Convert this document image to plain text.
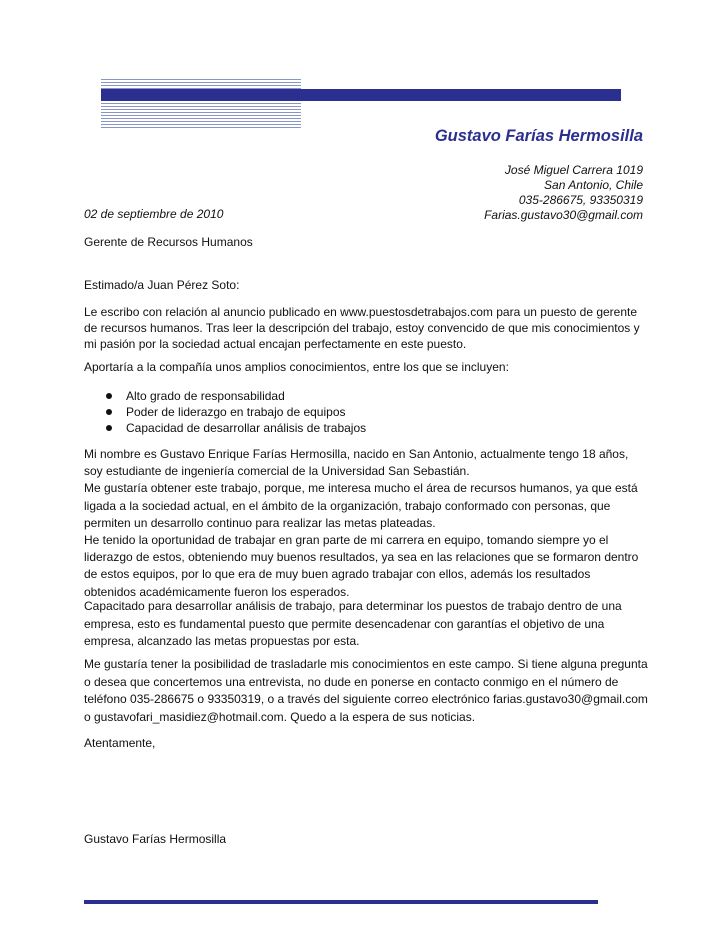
Gustavo Farías Hermosilla
José Miguel Carrera 1019
San Antonio, Chile
035-286675, 93350319
Farias.gustavo30@gmail.com
02 de septiembre de 2010
Gerente de Recursos Humanos
Estimado/a Juan Pérez Soto:
Le escribo con relación al anuncio publicado en www.puestosdetrabajos.com para un puesto de gerente
de recursos humanos. Tras leer la descripción del trabajo, estoy convencido de que mis conocimientos y
mi pasión por la sociedad actual encajan perfectamente en este puesto.
Aportaría a la compañía unos amplios conocimientos, entre los que se incluyen:
Alto grado de responsabilidad
Poder de liderazgo en trabajo de equipos
Capacidad de desarrollar análisis de trabajos
Mi nombre es Gustavo Enrique Farías Hermosilla, nacido en San Antonio, actualmente tengo 18 años,
soy estudiante de ingeniería comercial de la Universidad San Sebastián.
Me gustaría obtener este trabajo, porque, me interesa mucho el área de recursos humanos, ya que está
ligada a la sociedad actual, en el ámbito de la organización, trabajo conformado con personas, que
permiten un desarrollo continuo para realizar las metas plateadas.
He tenido la oportunidad de trabajar en gran parte de mi carrera en equipo, tomando siempre yo el
liderazgo de estos, obteniendo muy buenos resultados, ya sea en las relaciones que se formaron dentro
de estos equipos, por lo que era de muy buen agrado trabajar con ellos, además los resultados
obtenidos académicamente fueron los esperados.
Capacitado para desarrollar análisis de trabajo, para determinar los puestos de trabajo dentro de una
empresa, esto es fundamental puesto que permite desencadenar con garantías el objetivo de una
empresa, alcanzado las metas propuestas por esta.
Me gustaría tener la posibilidad de trasladarle mis conocimientos en este campo. Si tiene alguna pregunta
o desea que concertemos una entrevista, no dude en ponerse en contacto conmigo en el número de
teléfono 035-286675 o 93350319, o a través del siguiente correo electrónico farias.gustavo30@gmail.com
o gustavofari_masidiez@hotmail.com. Quedo a la espera de sus noticias.
Atentamente,
Gustavo Farías Hermosilla
